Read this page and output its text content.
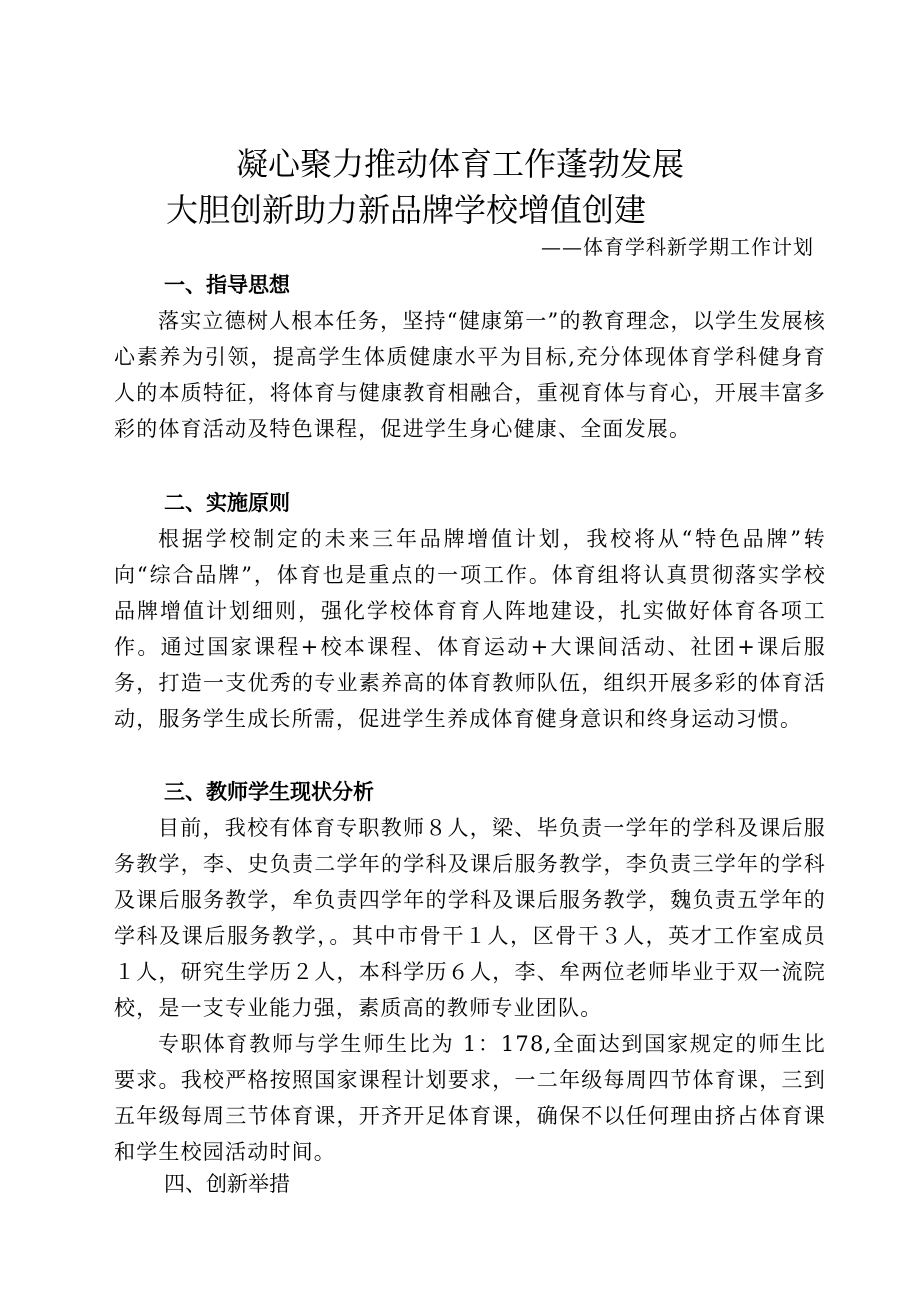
凝心聚力推动体育工作蓬勃发展
大胆创新助力新品牌学校增值创建
——体育学科新学期工作计划
一、指导思想

落实立德树人根本任务，坚持“健康第一”的教育理念，以学生发展核心素养为引领，提高学生体质健康水平为目标,充分体现体育学科健身育人的本质特征，将体育与健康教育相融合，重视育体与育心，开展丰富多彩的体育活动及特色课程，促进学生身心健康、全面发展。

二、实施原则

根据学校制定的未来三年品牌增值计划，我校将从“特色品牌”转向“综合品牌”，体育也是重点的一项工作。体育组将认真贯彻落实学校品牌增值计划细则，强化学校体育育人阵地建设，扎实做好体育各项工作。通过国家课程+校本课程、体育运动+大课间活动、社团+课后服务，打造一支优秀的专业素养高的体育教师队伍，组织开展多彩的体育活动，服务学生成长所需，促进学生养成体育健身意识和终身运动习惯。

三、教师学生现状分析

目前，我校有体育专职教师８人，梁、毕负责一学年的学科及课后服务教学，李、史负责二学年的学科及课后服务教学，李负责三学年的学科及课后服务教学，牟负责四学年的学科及课后服务教学，魏负责五学年的学科及课后服务教学，。其中市骨干１人，区骨干３人，英才工作室成员１人，研究生学历２人，本科学历６人，李、牟两位老师毕业于双一流院校，是一支专业能力强，素质高的教师专业团队。

专职体育教师与学生师生比为 1：178,全面达到国家规定的师生比要求。我校严格按照国家课程计划要求，一二年级每周四节体育课，三到五年级每周三节体育课，开齐开足体育课，确保不以任何理由挤占体育课和学生校园活动时间。

四、创新举措
